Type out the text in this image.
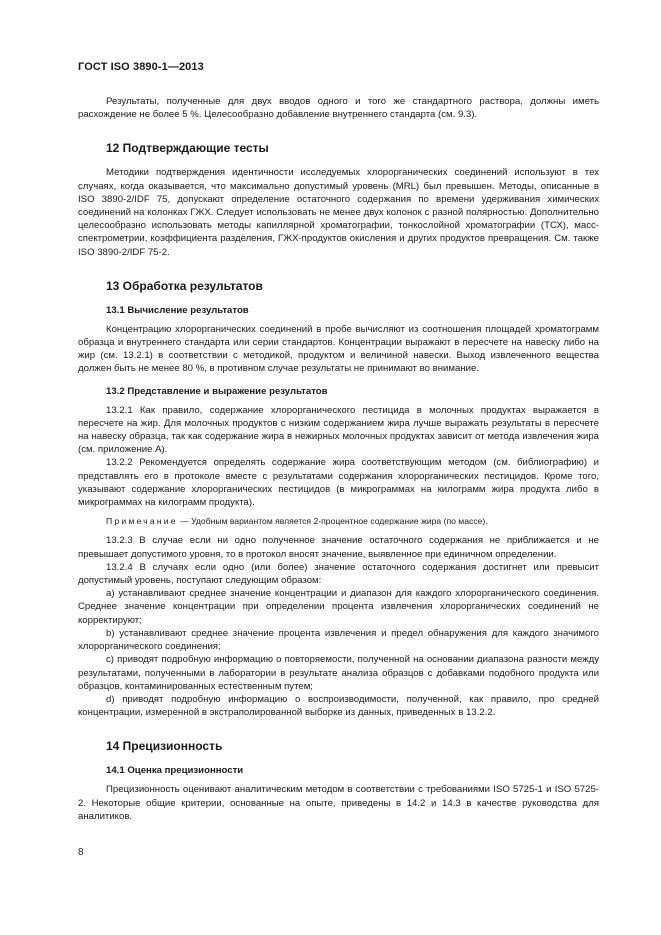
ГОСТ ISO 3890-1—2013

Результаты, полученные для двух вводов одного и того же стандартного раствора, должны иметь расхождение не более 5 %. Целесообразно добавление внутреннего стандарта (см. 9.3).

12 Подтверждающие тесты

Методики подтверждения идентичности исследуемых хлорорганических соединений используют в тех случаях, когда оказывается, что максимально допустимый уровень (MRL) был превышен. Методы, описанные в ISO 3890-2/IDF 75, допускают определение остаточного содержания по времени удерживания химических соединений на колонках ГЖХ. Следует использовать не менее двух колонок с разной полярностью. Дополнительно целесообразно использовать методы капиллярной хроматографии, тонкослойной хроматографии (ТСХ), масс-спектрометрии, коэффициента разделения, ГЖХ-продуктов окисления и других продуктов превращения. См. также ISO 3890-2/IDF 75-2.

13 Обработка результатов
13.1 Вычисление результатов

Концентрацию хлорорганических соединений в пробе вычисляют из соотношения площадей хроматограмм образца и внутреннего стандарта или серии стандартов. Концентрации выражают в пересчете на навеску либо на жир (см. 13.2.1) в соответствии с методикой, продуктом и величиной навески. Выход извлеченного вещества должен быть не менее 80 %, в противном случае результаты не принимают во внимание.

13.2 Представление и выражение результатов

13.2.1 Как правило, содержание хлорорганического пестицида в молочных продуктах выражается в пересчете на жир. Для молочных продуктов с низким содержанием жира лучше выражать результаты в пересчете на навеску образца, так как содержание жира в нежирных молочных продуктах зависит от метода извлечения жира (см. приложение А).

13.2.2 Рекомендуется определять содержание жира соответствующим методом (см. библиографию) и представлять его в протоколе вместе с результатами содержания хлорорганических пестицидов. Кроме того, указывают содержание хлорорганических пестицидов (в микрограммах на килограмм жира продукта либо в микрограммах на килограмм продукта).

Примечание — Удобным вариантом является 2-процентное содержание жира (по массе).

13.2.3 В случае если ни одно полученное значение остаточного содержания не приближается и не превышает допустимого уровня, то в протокол вносят значение, выявленное при единичном определении.

13.2.4 В случаях если одно (или более) значение остаточного содержания достигнет или превысит допустимый уровень, поступают следующим образом:

a) устанавливают среднее значение концентрации и диапазон для каждого хлорорганического соединения. Среднее значение концентрации при определении процента извлечения хлорорганических соединений не корректируют;

b) устанавливают среднее значение процента извлечения и предел обнаружения для каждого значимого хлорорганического соединения;

c) приводят подробную информацию о повторяемости, полученной на основании диапазона разности между результатами, полученными в лаборатории в результате анализа образцов с добавками подобного продукта или образцов, контаминированных естественным путем;

d) приводят подробную информацию о воспроизводимости, полученной, как правило, про средней концентрации, измеренной в экстраполированной выборке из данных, приведенных в 13.2.2.

14 Прецизионность
14.1 Оценка прецизионности

Прецизионность оценивают аналитическим методом в соответствии с требованиями ISO 5725-1 и ISO 5725-2. Некоторые общие критерии, основанные на опыте, приведены в 14.2 и 14.3 в качестве руководства для аналитиков.

8
